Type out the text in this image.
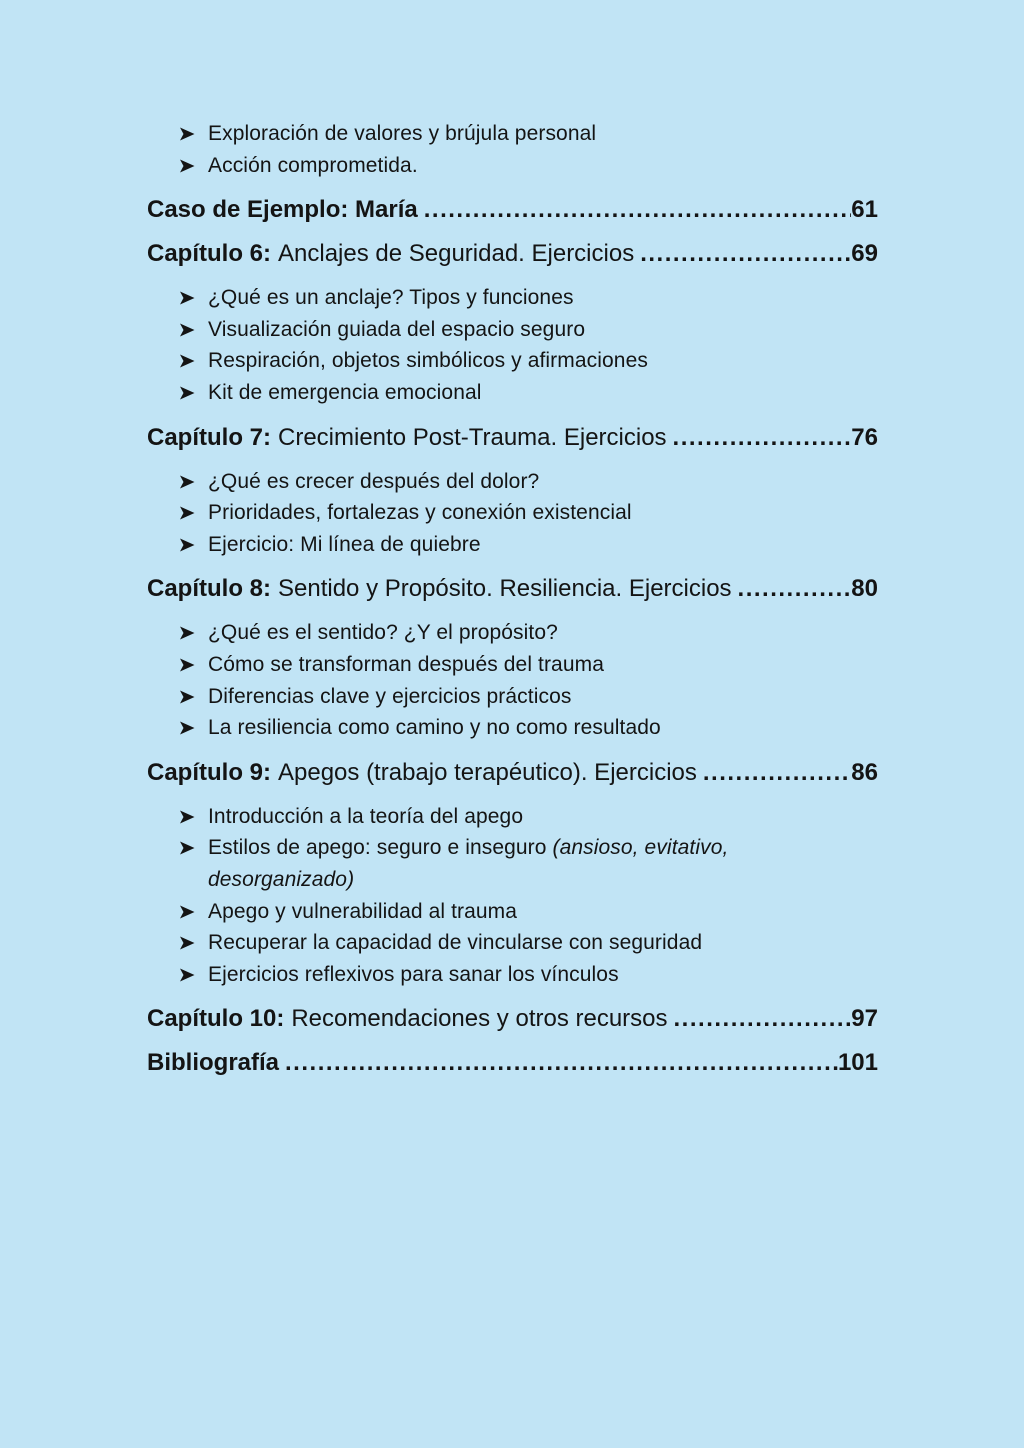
Exploración de valores y brújula personal
Acción comprometida.
Caso de Ejemplo: María .....	61
Capítulo 6: Anclajes de Seguridad. Ejercicios .....	69
¿Qué es un anclaje? Tipos y funciones
Visualización guiada del espacio seguro
Respiración, objetos simbólicos y afirmaciones
Kit de emergencia emocional
Capítulo 7: Crecimiento Post-Trauma. Ejercicios .....	76
¿Qué es crecer después del dolor?
Prioridades, fortalezas y conexión existencial
Ejercicio: Mi línea de quiebre
Capítulo 8: Sentido y Propósito. Resiliencia. Ejercicios .....	80
¿Qué es el sentido? ¿Y el propósito?
Cómo se transforman después del trauma
Diferencias clave y ejercicios prácticos
La resiliencia como camino y no como resultado
Capítulo 9: Apegos (trabajo terapéutico). Ejercicios .....	86
Introducción a la teoría del apego
Estilos de apego: seguro e inseguro (ansioso, evitativo,
desorganizado)
Apego y vulnerabilidad al trauma
Recuperar la capacidad de vincularse con seguridad
Ejercicios reflexivos para sanar los vínculos
Capítulo 10: Recomendaciones y otros recursos .....	97
Bibliografía .....	101
